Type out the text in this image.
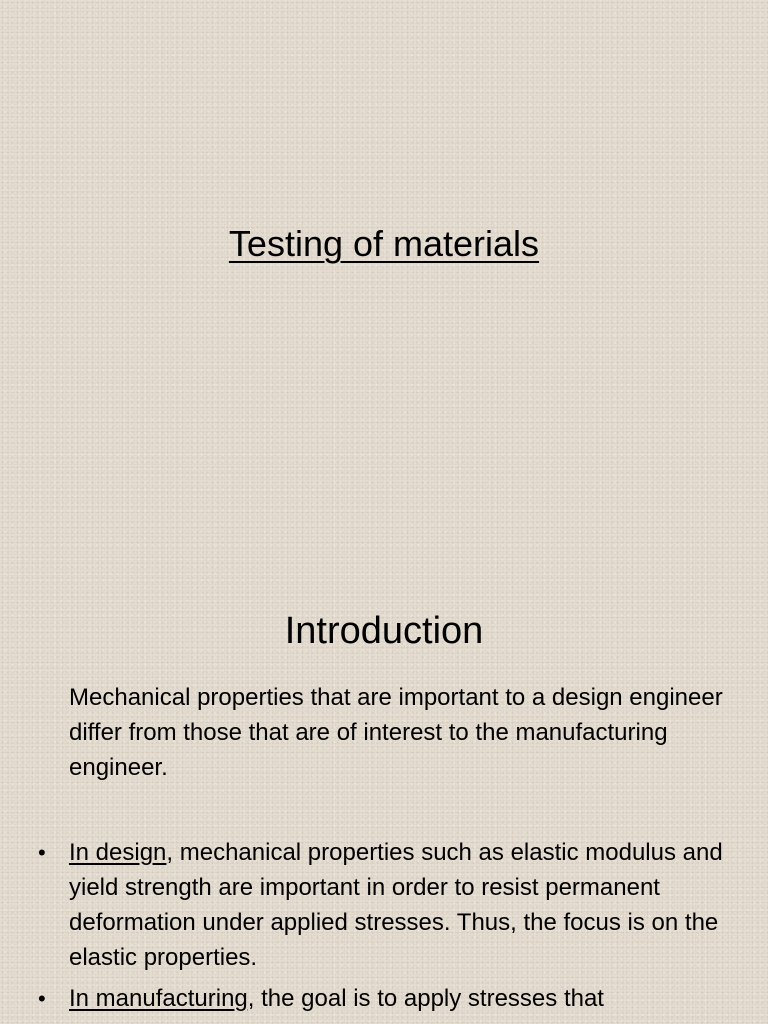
Testing of materials
Introduction

Mechanical properties that are important to a design engineer differ from those that are of interest to the manufacturing engineer.

• In design, mechanical properties such as elastic modulus and yield strength are important in order to resist permanent deformation under applied stresses. Thus, the focus is on the elastic properties.
• In manufacturing, the goal is to apply stresses that
